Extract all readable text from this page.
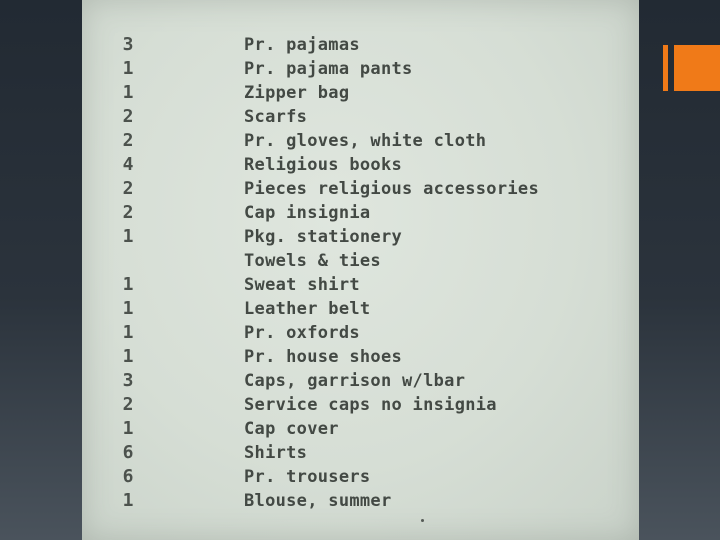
3	Pr. pajamas
1	Pr. pajama pants
1	Zipper bag
2	Scarfs
2	Pr. gloves, white cloth
4	Religious books
2	Pieces religious accessories
2	Cap insignia
1	Pkg. stationery
Towels & ties
1	Sweat shirt
1	Leather belt
1	Pr. oxfords
1	Pr. house shoes
3	Caps, garrison w/lbar
2	Service caps no insignia
1	Cap cover
6	Shirts
6	Pr. trousers
1	Blouse, summer
